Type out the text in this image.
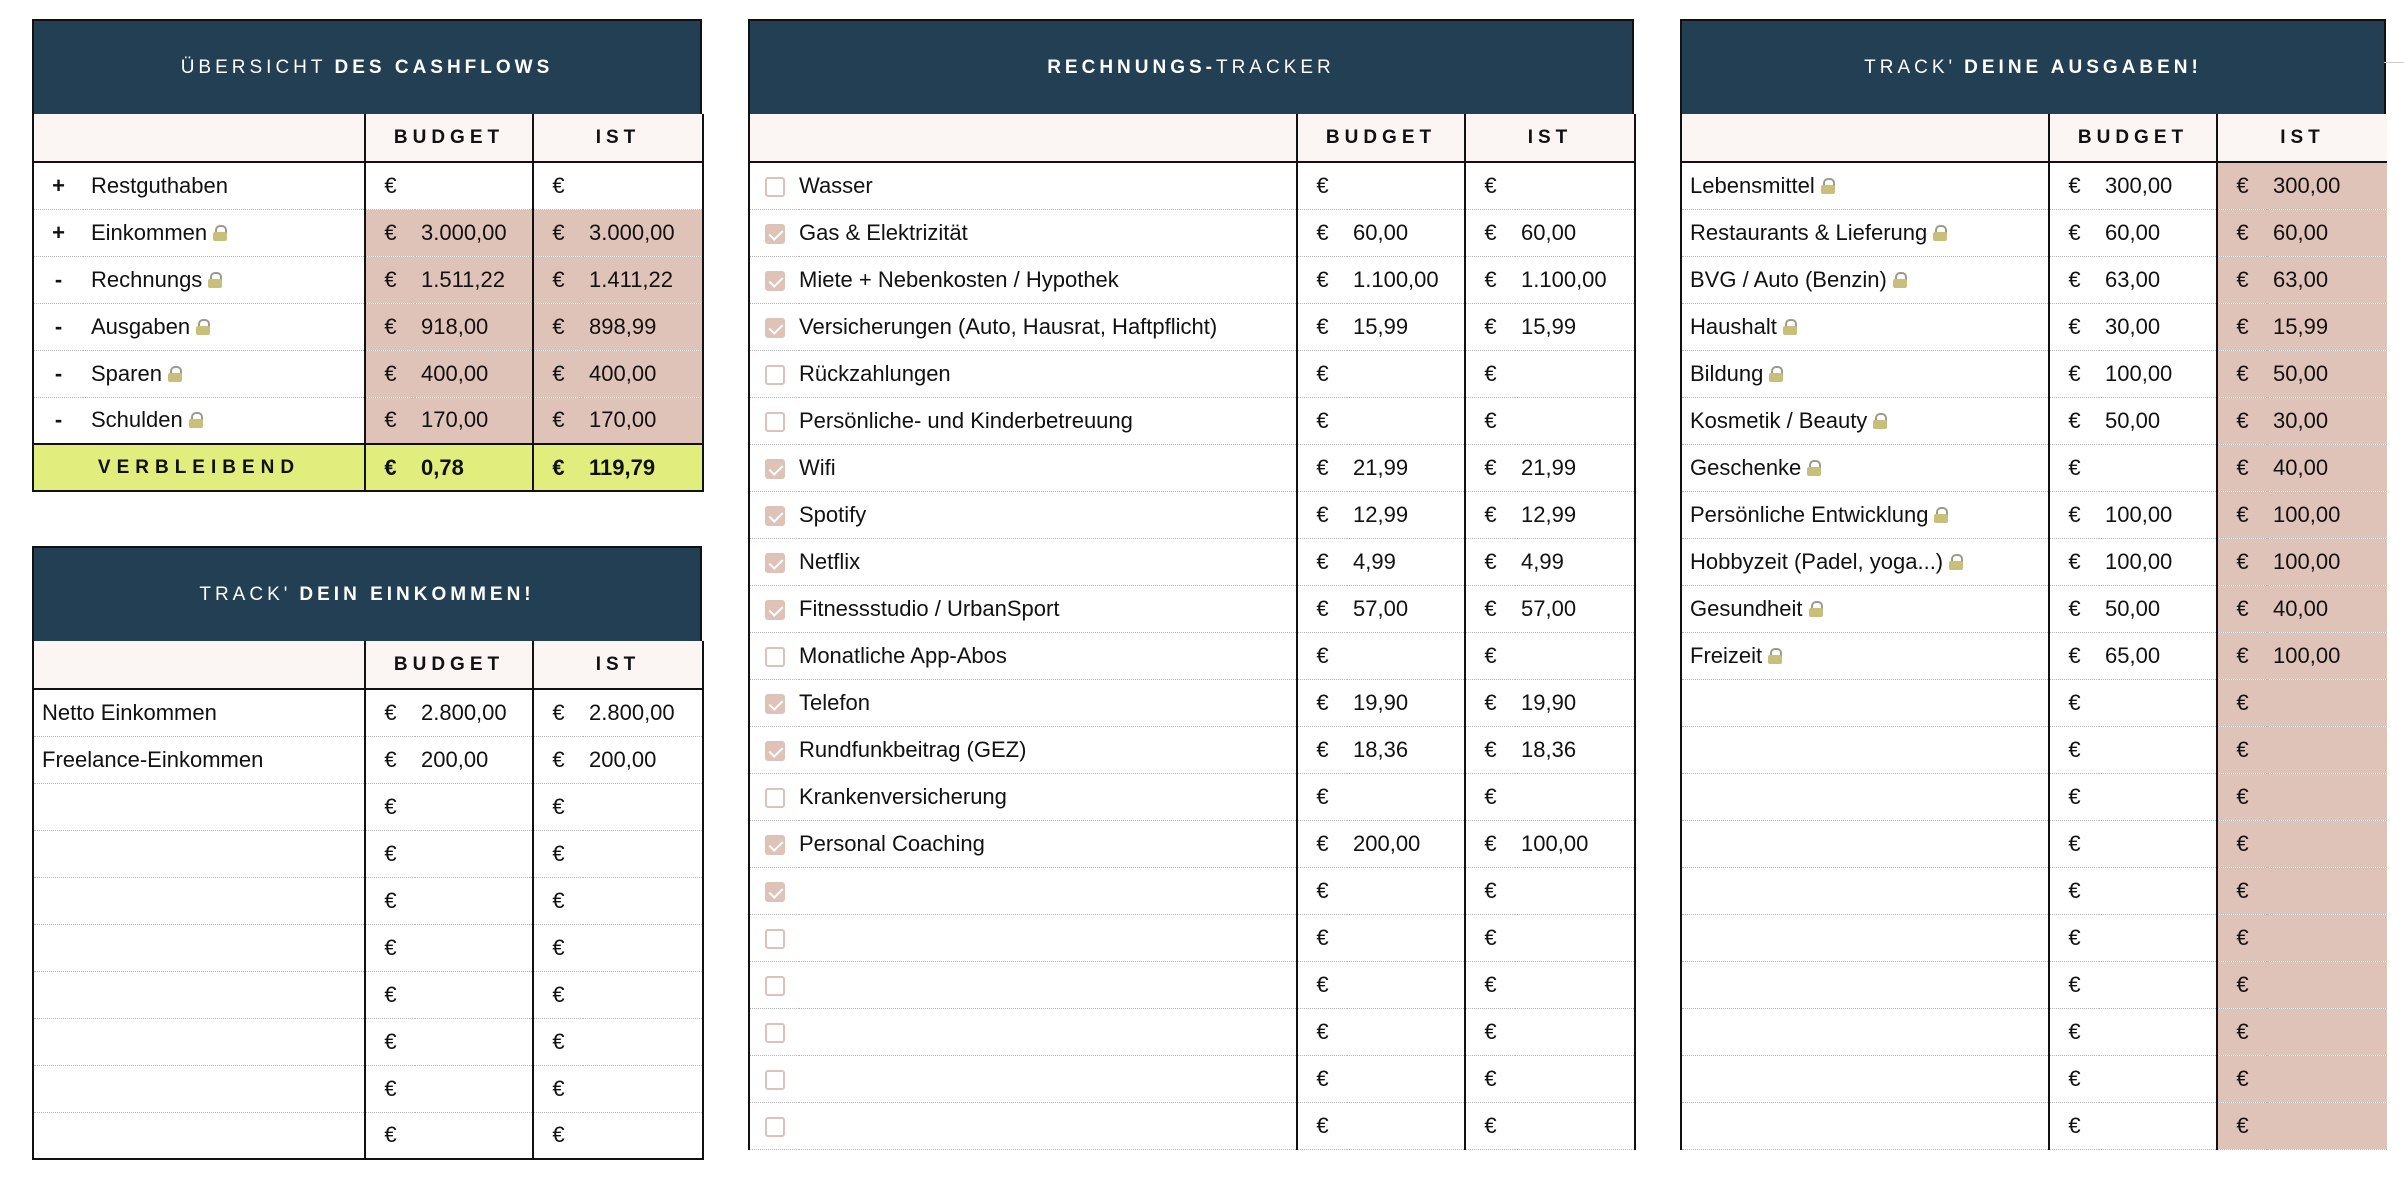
ÜBERSICHT DES CASHFLOWS
		BUDGET		IST	
+	Restguthaben	€		€	
+	Einkommen	€	3.000,00	€	3.000,00
-	Rechnungs	€	1.511,22	€	1.411,22
-	Ausgaben	€	918,00	€	898,99
-	Sparen	€	400,00	€	400,00
-	Schulden	€	170,00	€	170,00
VERBLEIBEND		€	0,78	€	119,79
TRACK' DEIN EINKOMMEN!
	BUDGET		IST	
Netto Einkommen	€	2.800,00	€	2.800,00
Freelance-Einkommen	€	200,00	€	200,00
	€		€	
	€		€	
	€		€	
	€		€	
	€		€	
	€		€	
	€		€	
	€		€	
RECHNUNGS- TRACKER
		BUDGET		IST	
	Wasser	€		€	
	Gas & Elektrizität	€	60,00	€	60,00
	Miete + Nebenkosten / Hypothek	€	1.100,00	€	1.100,00
	Versicherungen (Auto, Hausrat, Haftpflicht)	€	15,99	€	15,99
	Rückzahlungen	€		€	
	Persönliche- und Kinderbetreuung	€		€	
	Wifi	€	21,99	€	21,99
	Spotify	€	12,99	€	12,99
	Netflix	€	4,99	€	4,99
	Fitnessstudio / UrbanSport	€	57,00	€	57,00
	Monatliche App-Abos	€		€	
	Telefon	€	19,90	€	19,90
	Rundfunkbeitrag (GEZ)	€	18,36	€	18,36
	Krankenversicherung	€		€	
	Personal Coaching	€	200,00	€	100,00
		€		€	
		€		€	
		€		€	
		€		€	
		€		€	
		€		€	
TRACK' DEINE AUSGABEN!
	BUDGET		IST	
Lebensmittel	€	300,00	€	300,00
Restaurants & Lieferung	€	60,00	€	60,00
BVG / Auto (Benzin)	€	63,00	€	63,00
Haushalt	€	30,00	€	15,99
Bildung	€	100,00	€	50,00
Kosmetik / Beauty	€	50,00	€	30,00
Geschenke	€		€	40,00
Persönliche Entwicklung	€	100,00	€	100,00
Hobbyzeit (Padel, yoga...)	€	100,00	€	100,00
Gesundheit	€	50,00	€	40,00
Freizeit	€	65,00	€	100,00
	€		€	
	€		€	
	€		€	
	€		€	
	€		€	
	€		€	
	€		€	
	€		€	
	€		€	
	€		€	
